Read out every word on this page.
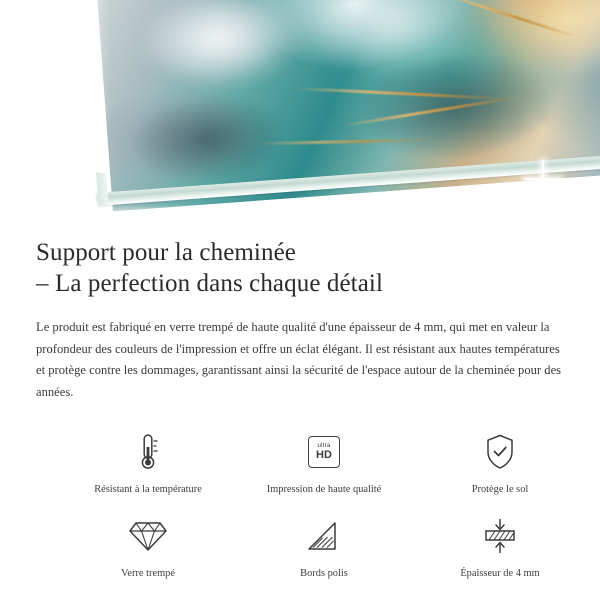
Support pour la cheminée
– La perfection dans chaque détail

Le produit est fabriqué en verre trempé de haute qualité d'une épaisseur de 4 mm, qui met en valeur la profondeur des couleurs de l'impression et offre un éclat élégant. Il est résistant aux hautes températures et protège contre les dommages, garantissant ainsi la sécurité de l'espace autour de la cheminée pour des années.

Résistant à la température
ultra
HD
Impression de haute qualité	Protège le sol
Verre trempé	Bords polis	Épaisseur de 4 mm
